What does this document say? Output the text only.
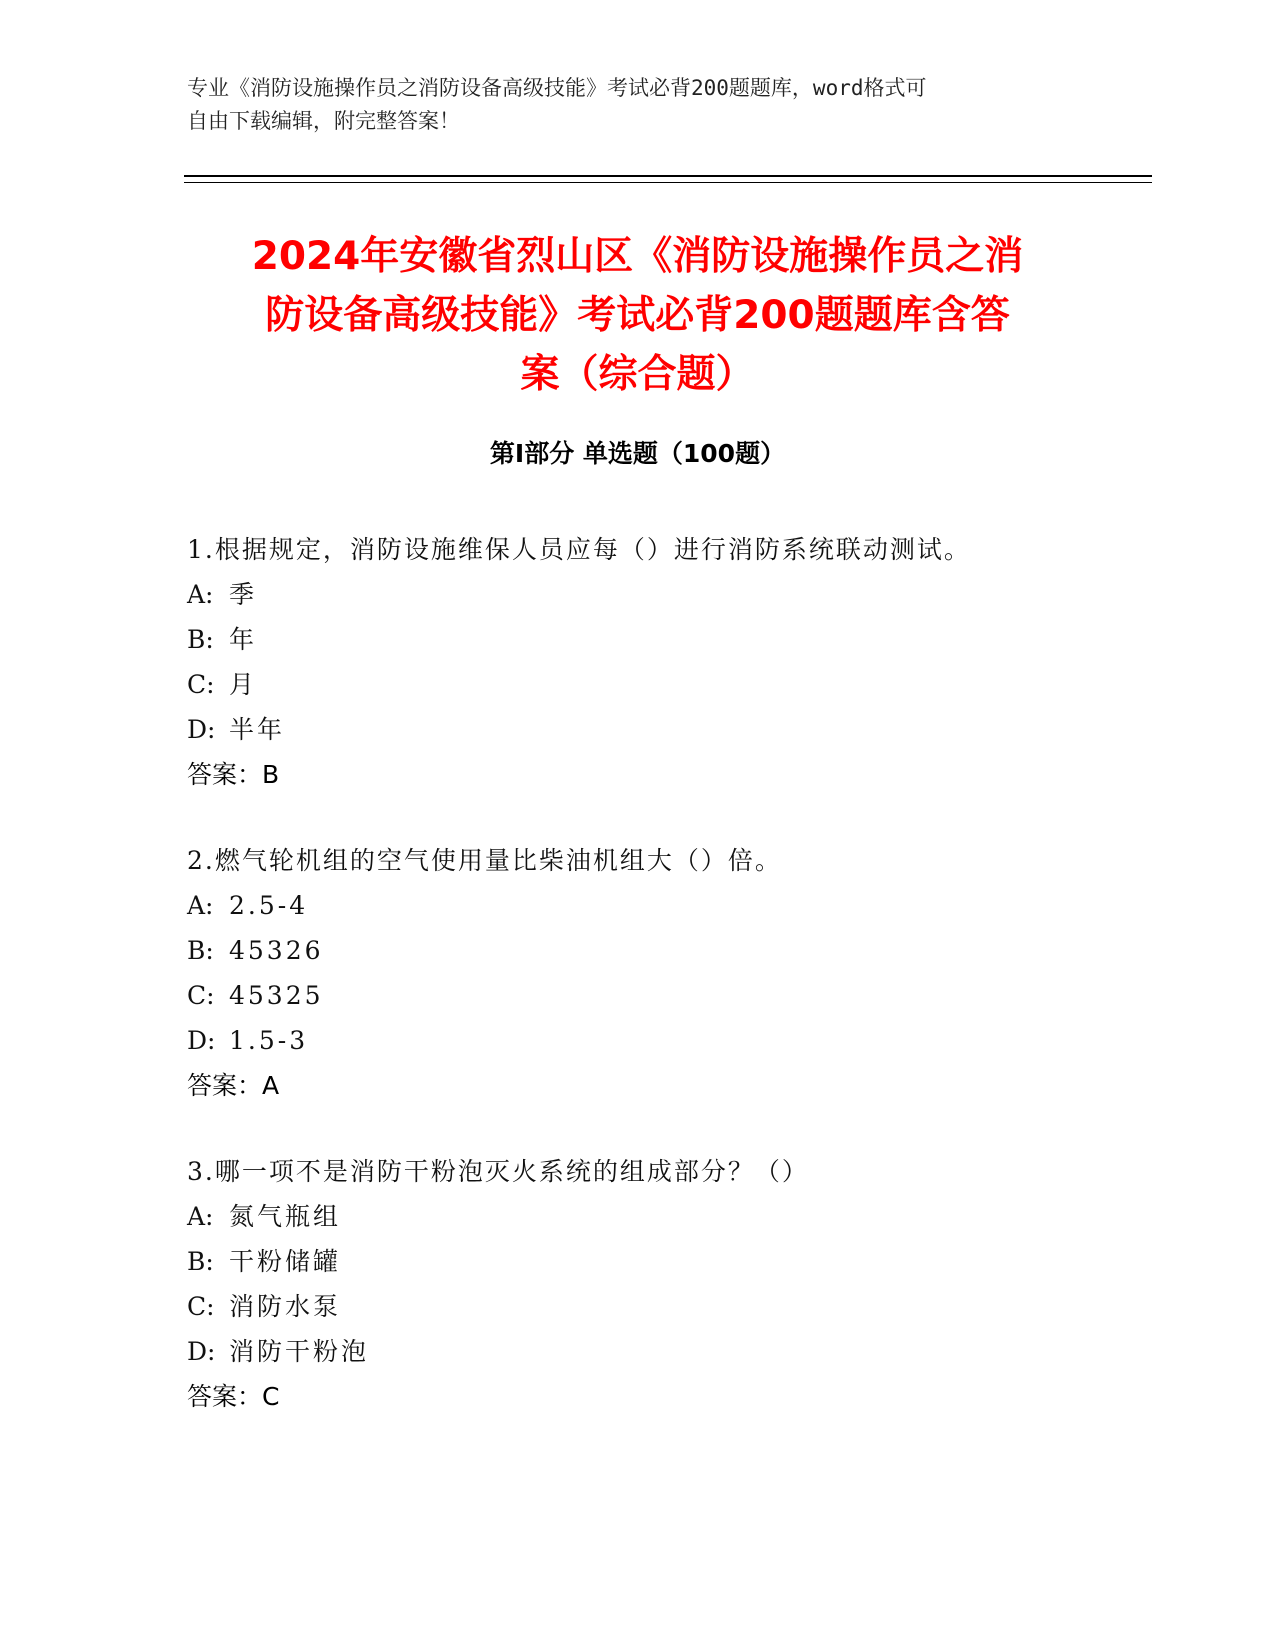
专业《消防设施操作员之消防设备高级技能》考试必背200题题库，word格式可
自由下载编辑，附完整答案！
2024年安徽省烈山区《消防设施操作员之消
防设备高级技能》考试必背200题题库含答
案（综合题）
第Ⅰ部分 单选题（100题）
1.根据规定，消防设施维保人员应每（）进行消防系统联动测试。
A: 季
B: 年
C: 月
D: 半年
答案：B
2.燃气轮机组的空气使用量比柴油机组大（）倍。
A: 2.5-4
B: 45326
C: 45325
D: 1.5-3
答案：A
3.哪一项不是消防干粉泡灭火系统的组成部分？（）
A: 氮气瓶组
B: 干粉储罐
C: 消防水泵
D: 消防干粉泡
答案：C
